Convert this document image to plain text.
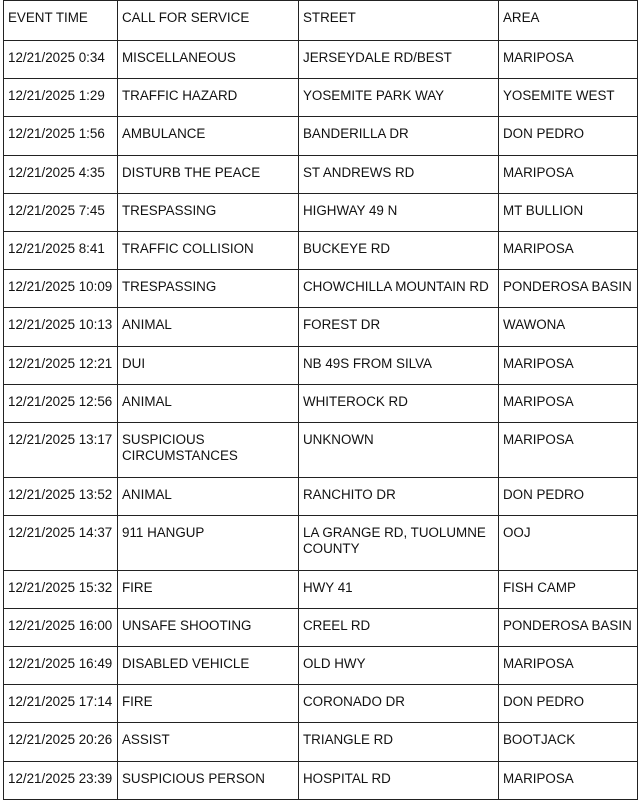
EVENT TIME	CALL FOR SERVICE	STREET	AREA
12/21/2025 0:34	MISCELLANEOUS	JERSEYDALE RD/BEST	MARIPOSA
12/21/2025 1:29	TRAFFIC HAZARD	YOSEMITE PARK WAY	YOSEMITE WEST
12/21/2025 1:56	AMBULANCE	BANDERILLA DR	DON PEDRO
12/21/2025 4:35	DISTURB THE PEACE	ST ANDREWS RD	MARIPOSA
12/21/2025 7:45	TRESPASSING	HIGHWAY 49 N	MT BULLION
12/21/2025 8:41	TRAFFIC COLLISION	BUCKEYE RD	MARIPOSA
12/21/2025 10:09	TRESPASSING	CHOWCHILLA MOUNTAIN RD	PONDEROSA BASIN
12/21/2025 10:13	ANIMAL	FOREST DR	WAWONA
12/21/2025 12:21	DUI	NB 49S FROM SILVA	MARIPOSA
12/21/2025 12:56	ANIMAL	WHITEROCK RD	MARIPOSA
12/21/2025 13:17	SUSPICIOUS CIRCUMSTANCES	UNKNOWN	MARIPOSA
12/21/2025 13:52	ANIMAL	RANCHITO DR	DON PEDRO
12/21/2025 14:37	911 HANGUP	LA GRANGE RD, TUOLUMNE COUNTY	OOJ
12/21/2025 15:32	FIRE	HWY 41	FISH CAMP
12/21/2025 16:00	UNSAFE SHOOTING	CREEL RD	PONDEROSA BASIN
12/21/2025 16:49	DISABLED VEHICLE	OLD HWY	MARIPOSA
12/21/2025 17:14	FIRE	CORONADO DR	DON PEDRO
12/21/2025 20:26	ASSIST	TRIANGLE RD	BOOTJACK
12/21/2025 23:39	SUSPICIOUS PERSON	HOSPITAL RD	MARIPOSA
